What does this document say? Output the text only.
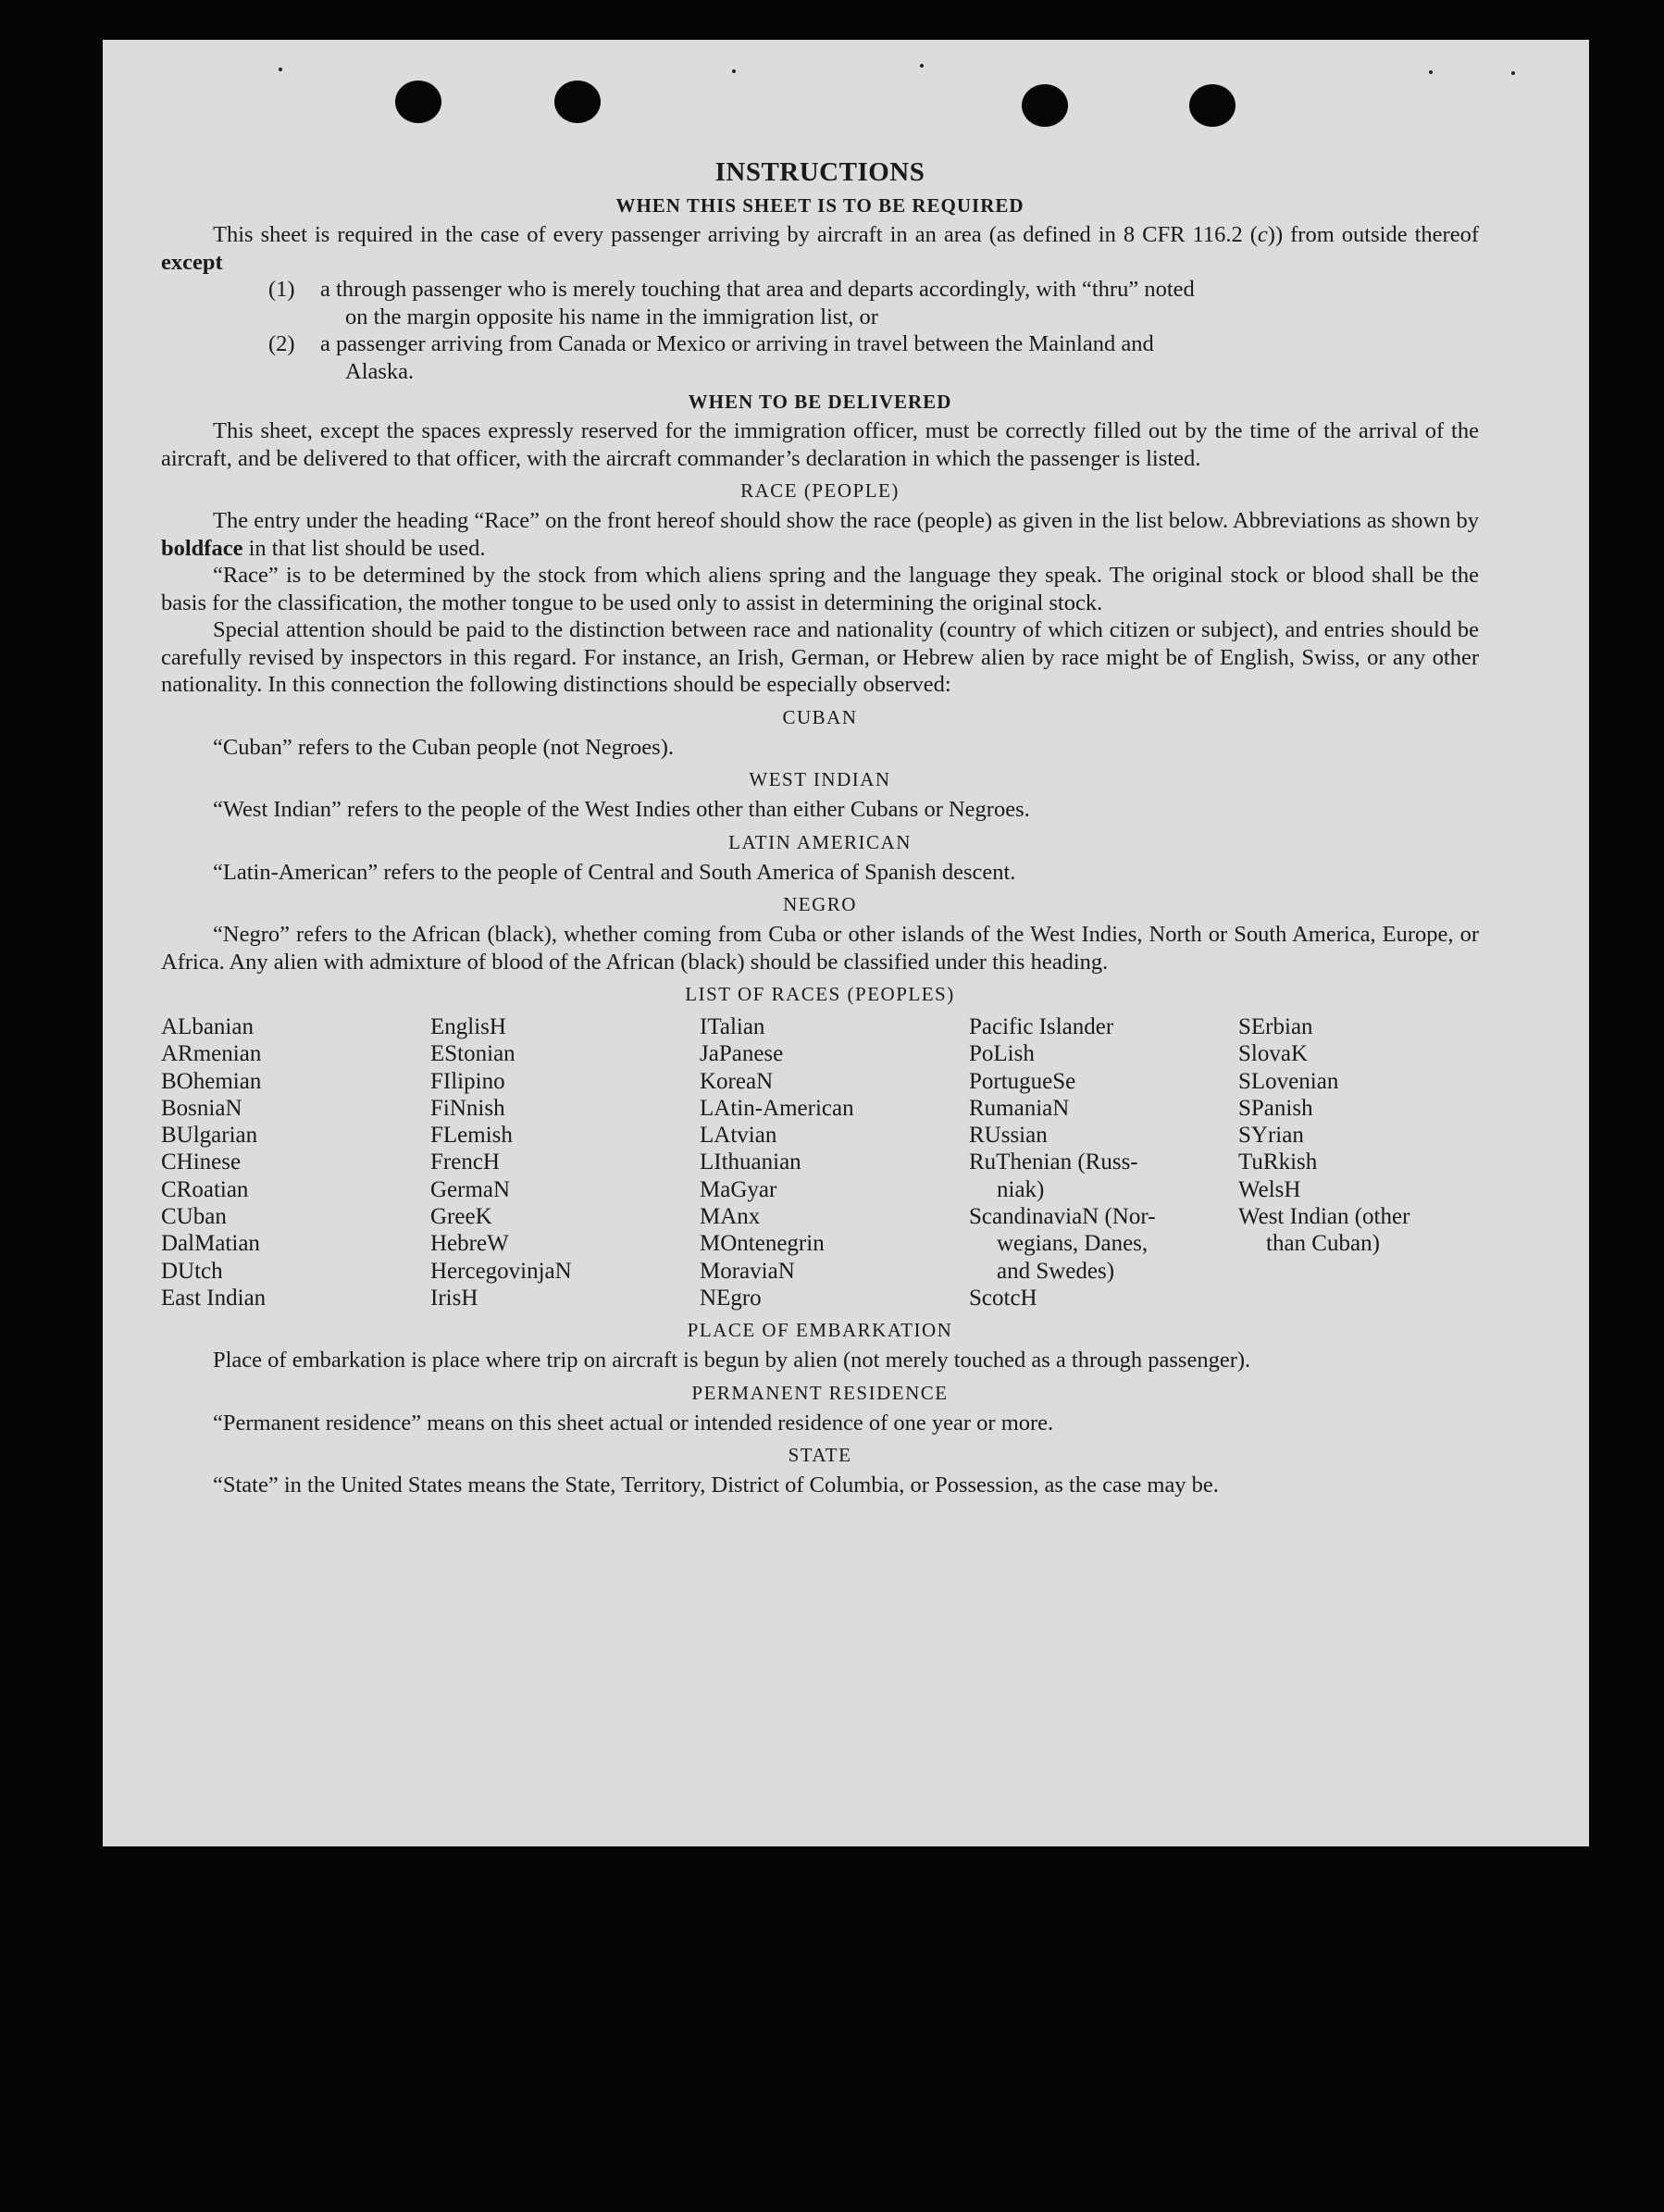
INSTRUCTIONS
WHEN THIS SHEET IS TO BE REQUIRED

This sheet is required in the case of every passenger arriving by aircraft in an area (as defined in 8 CFR 116.2 (c)) from outside thereof except

(1)	a through passenger who is merely touching that area and departs accordingly, with “thru” noted
on the margin opposite his name in the immigration list, or
(2)	a passenger arriving from Canada or Mexico or arriving in travel between the Mainland and
Alaska.
WHEN TO BE DELIVERED

This sheet, except the spaces expressly reserved for the immigration officer, must be correctly filled out by the time of the arrival of the aircraft, and be delivered to that officer, with the aircraft commander’s declaration in which the passenger is listed.

RACE (PEOPLE)

The entry under the heading “Race” on the front hereof should show the race (people) as given in the list below. Abbreviations as shown by boldface in that list should be used.

“Race” is to be determined by the stock from which aliens spring and the language they speak. The original stock or blood shall be the basis for the classification, the mother tongue to be used only to assist in determining the original stock.

Special attention should be paid to the distinction between race and nationality (country of which citizen or subject), and entries should be carefully revised by inspectors in this regard. For instance, an Irish, German, or Hebrew alien by race might be of English, Swiss, or any other nationality. In this connection the following distinctions should be especially observed:

CUBAN

“Cuban” refers to the Cuban people (not Negroes).

WEST INDIAN

“West Indian” refers to the people of the West Indies other than either Cubans or Negroes.

LATIN AMERICAN

“Latin-American” refers to the people of Central and South America of Spanish descent.

NEGRO

“Negro” refers to the African (black), whether coming from Cuba or other islands of the West Indies, North or South America, Europe, or Africa. Any alien with admixture of blood of the African (black) should be classified under this heading.

LIST OF RACES (PEOPLES)
ALbanian
ARmenian
BOhemian
BosniaN
BUlgarian
CHinese
CRoatian
CUban
DalMatian
DUtch
East Indian
EnglisH
EStonian
FIlipino
FiNnish
FLemish
FrencH
GermaN
GreeK
HebreW
HercegovinjaN
IrisH
ITalian
JaPanese
KoreaN
LAtin-American
LAtvian
LIthuanian
MaGyar
MAnx
MOntenegrin
MoraviaN
NEgro
Pacific Islander
PoLish
PortugueSe
RumaniaN
RUssian
RuThenian (Russ-
niak)
ScandinaviaN (Nor-
wegians, Danes,
and Swedes)
ScotcH
SErbian
SlovaK
SLovenian
SPanish
SYrian
TuRkish
WelsH
West Indian (other
than Cuban)
PLACE OF EMBARKATION

Place of embarkation is place where trip on aircraft is begun by alien (not merely touched as a through passenger).

PERMANENT RESIDENCE

“Permanent residence” means on this sheet actual or intended residence of one year or more.

STATE

“State” in the United States means the State, Territory, District of Columbia, or Possession, as the case may be.
